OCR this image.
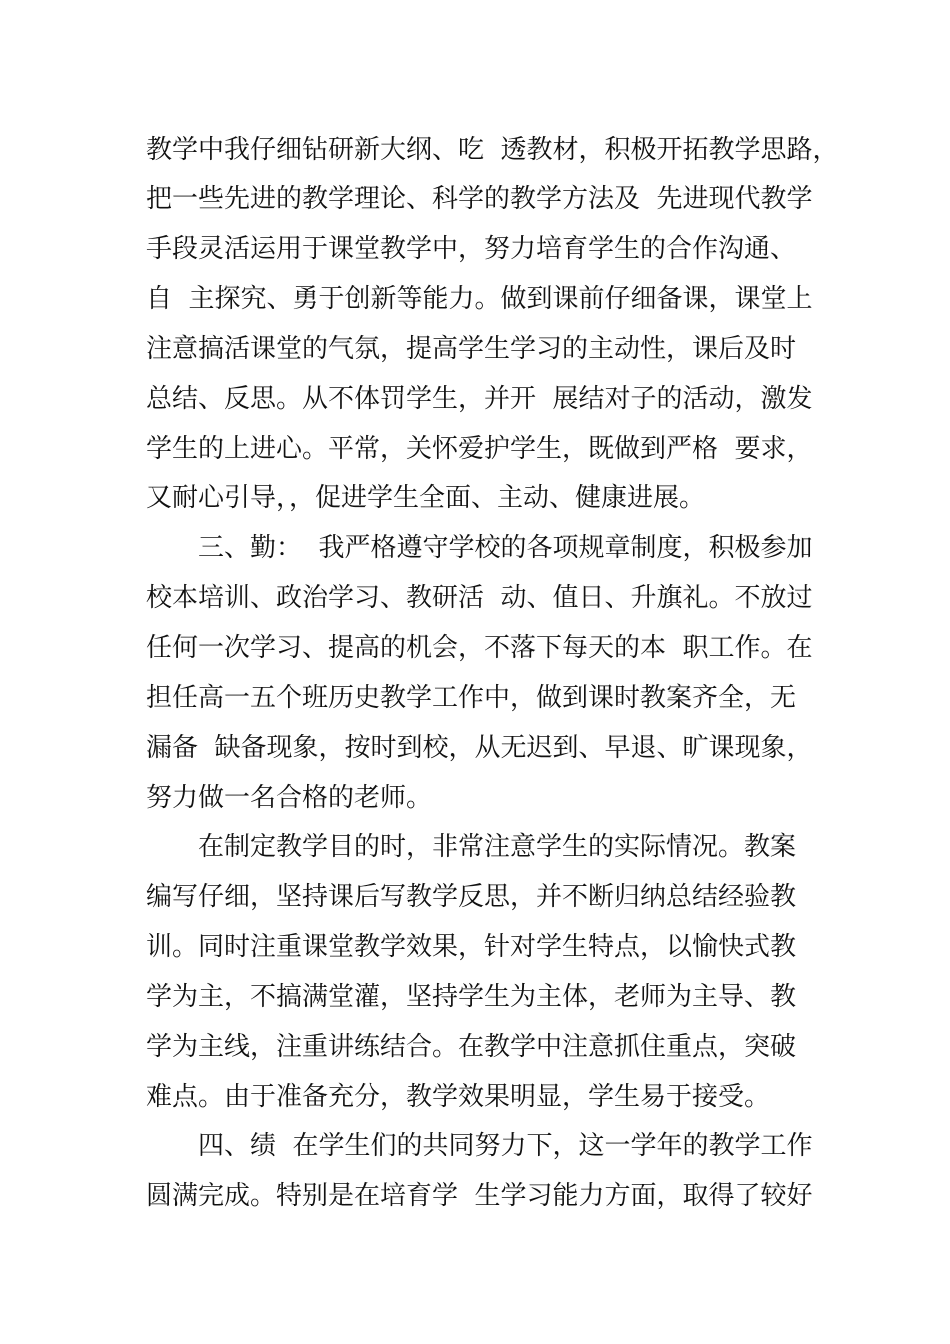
教学中我仔细钻研新大纲、吃  透教材，积极开拓教学思路，
把一些先进的教学理论、科学的教学方法及  先进现代教学
手段灵活运用于课堂教学中，努力培育学生的合作沟通、
自  主探究、勇于创新等能力。做到课前仔细备课，课堂上
注意搞活课堂的气氛，提高学生学习的主动性，课后及时
总结、反思。从不体罚学生，并开  展结对子的活动，激发
学生的上进心。平常，关怀爱护学生，既做到严格  要求，
又耐心引导，，促进学生全面、主动、健康进展。
三、勤：  我严格遵守学校的各项规章制度，积极参加
校本培训、政治学习、教研活  动、值日、升旗礼。不放过
任何一次学习、提高的机会，不落下每天的本  职工作。在
担任高一五个班历史教学工作中，做到课时教案齐全，无
漏备  缺备现象，按时到校，从无迟到、早退、旷课现象，
努力做一名合格的老师。
在制定教学目的时，非常注意学生的实际情况。教案
编写仔细，坚持课后写教学反思，并不断归纳总结经验教
训。同时注重课堂教学效果，针对学生特点，以愉快式教
学为主，不搞满堂灌，坚持学生为主体，老师为主导、教
学为主线，注重讲练结合。在教学中注意抓住重点，突破
难点。由于准备充分，教学效果明显，学生易于接受。
四、绩  在学生们的共同努力下，这一学年的教学工作
圆满完成。特别是在培育学  生学习能力方面，取得了较好
